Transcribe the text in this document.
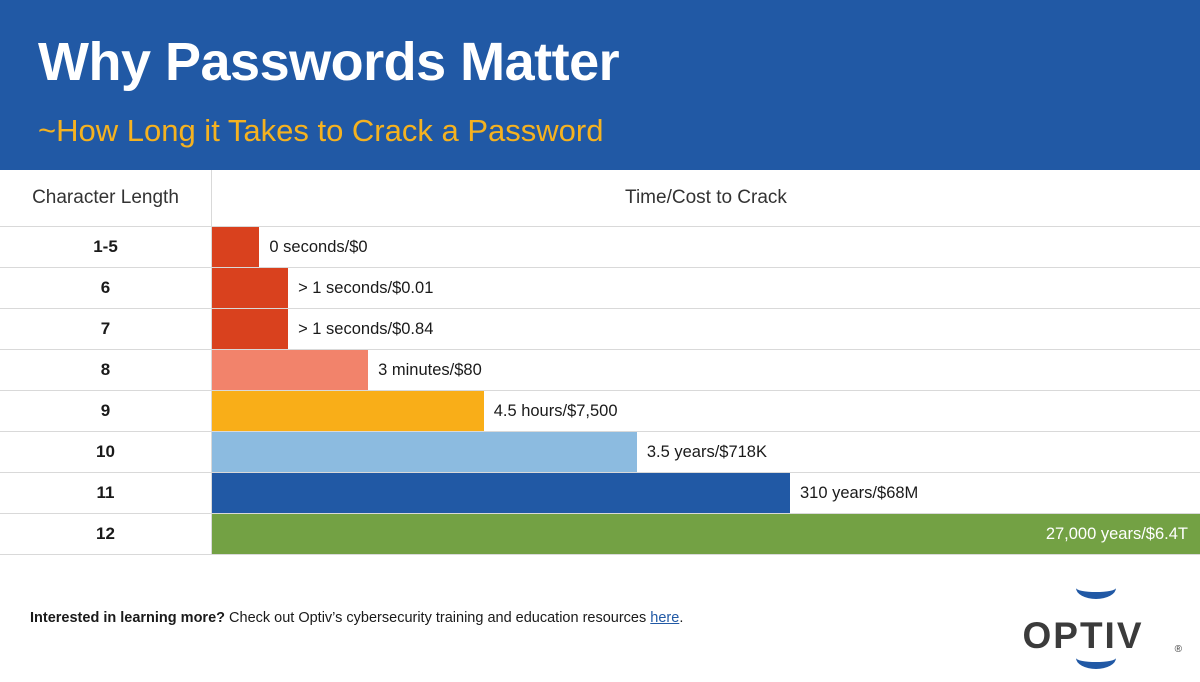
Why Passwords Matter
~How Long it Takes to Crack a Password
Character Length	Time/Cost to Crack
1-5	0 seconds/$0
6	> 1 seconds/$0.01
7	> 1 seconds/$0.84
8	3 minutes/$80
9	4.5 hours/$7,500
10	3.5 years/$718K
11	310 years/$68M
12	27,000 years/$6.4T
Interested in learning more? Check out Optiv’s cybersecurity training and education resources here.	OPTIV	®
